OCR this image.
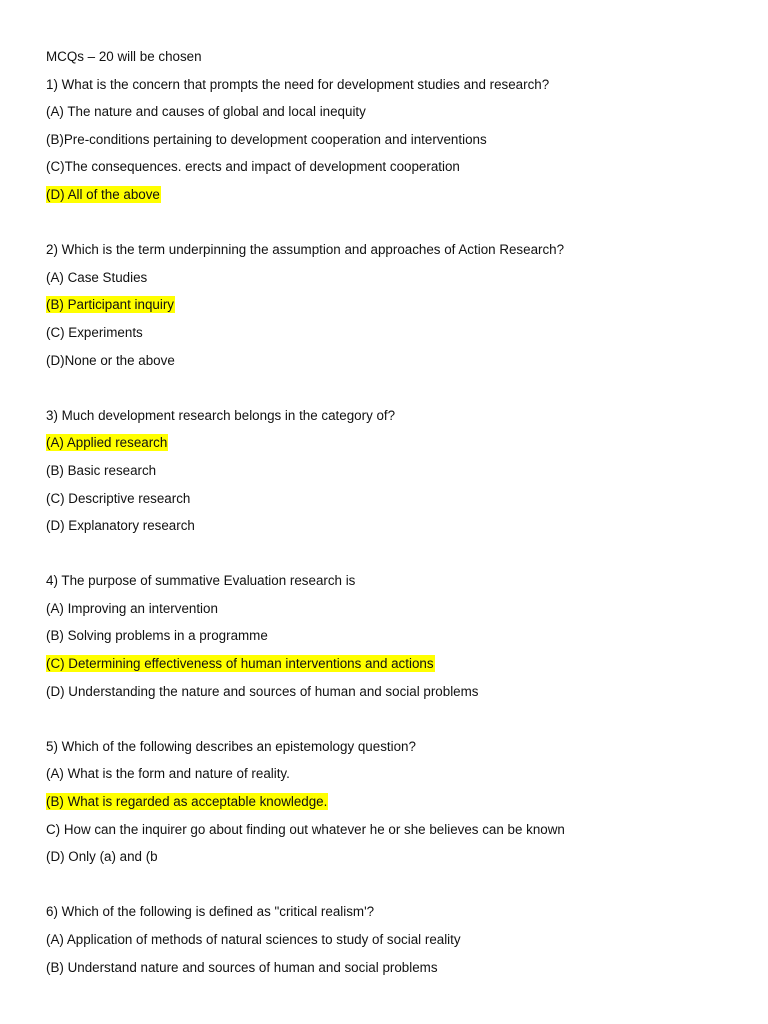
MCQs – 20 will be chosen
1) What is the concern that prompts the need for development studies and research?
(A) The nature and causes of global and local inequity
(B)Pre-conditions pertaining to development cooperation and interventions
(C)The consequences. erects and impact of development cooperation
(D) All of the above
2) Which is the term underpinning the assumption and approaches of Action Research?
(A) Case Studies
(B) Participant inquiry
(C) Experiments
(D)None or the above
3) Much development research belongs in the category of?
(A) Applied research
(B) Basic research
(C) Descriptive research
(D) Explanatory research
4) The purpose of summative Evaluation research is
(A) Improving an intervention
(B) Solving problems in a programme
(C) Determining effectiveness of human interventions and actions
(D) Understanding the nature and sources of human and social problems
5) Which of the following describes an epistemology question?
(A) What is the form and nature of reality.
(B) What is regarded as acceptable knowledge.
C) How can the inquirer go about finding out whatever he or she believes can be known
(D) Only (a) and (b
6) Which of the following is defined as "critical realism'?
(A) Application of methods of natural sciences to study of social reality
(B) Understand nature and sources of human and social problems
